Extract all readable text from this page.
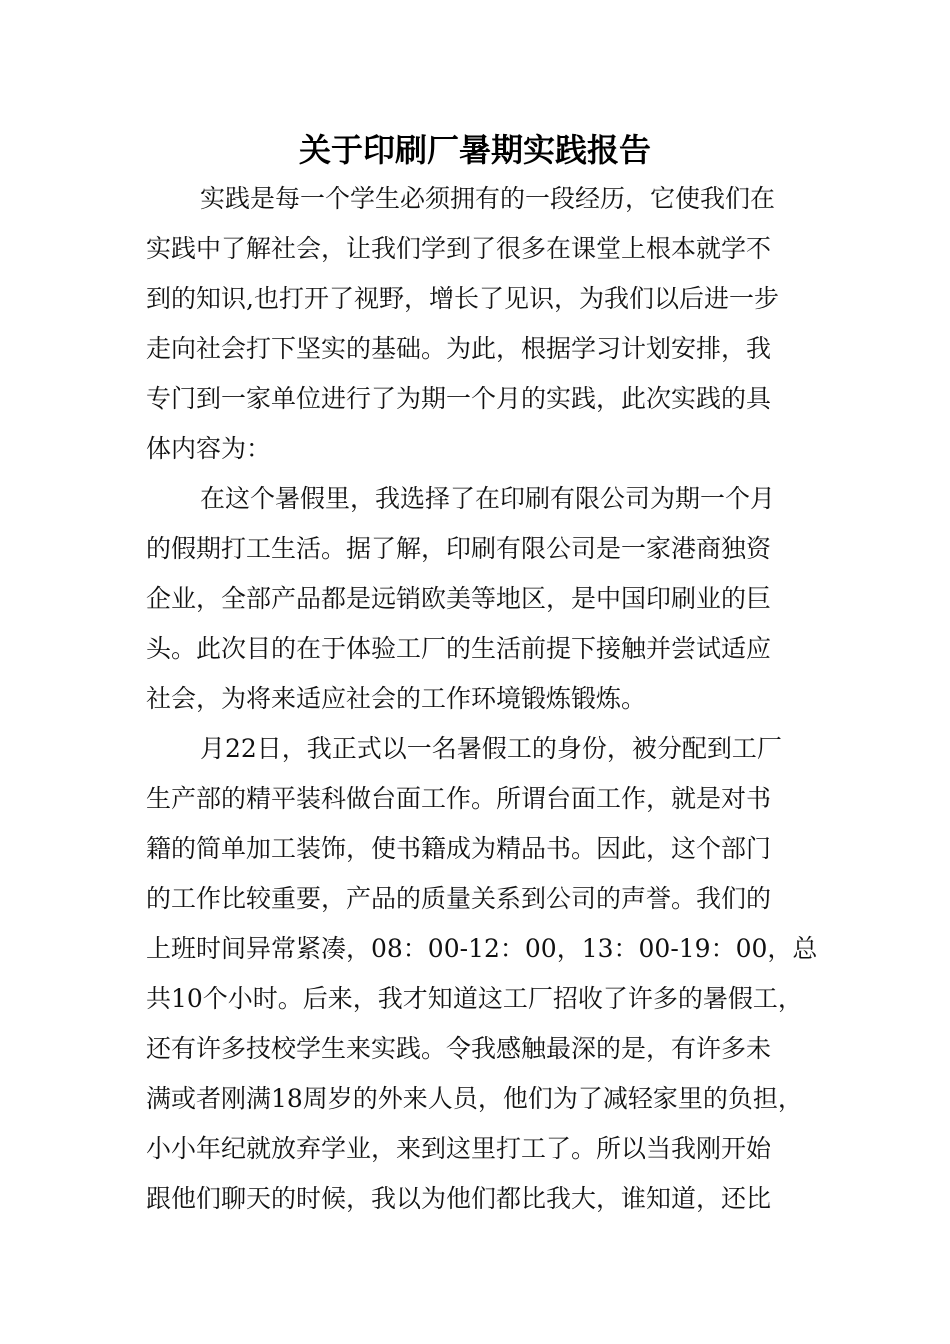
关于印刷厂暑期实践报告

实践是每一个学生必须拥有的一段经历，它使我们在

实践中了解社会，让我们学到了很多在课堂上根本就学不

到的知识,也打开了视野，增长了见识，为我们以后进一步

走向社会打下坚实的基础。为此，根据学习计划安排，我

专门到一家单位进行了为期一个月的实践，此次实践的具

体内容为：

在这个暑假里，我选择了在印刷有限公司为期一个月

的假期打工生活。据了解，印刷有限公司是一家港商独资

企业，全部产品都是远销欧美等地区，是中国印刷业的巨

头。此次目的在于体验工厂的生活前提下接触并尝试适应

社会，为将来适应社会的工作环境锻炼锻炼。

月22日，我正式以一名暑假工的身份，被分配到工厂

生产部的精平装科做台面工作。所谓台面工作，就是对书

籍的简单加工装饰，使书籍成为精品书。因此，这个部门

的工作比较重要，产品的质量关系到公司的声誉。我们的

上班时间异常紧凑，08：00-12：00，13：00-19：00，总

共10个小时。后来，我才知道这工厂招收了许多的暑假工，

还有许多技校学生来实践。令我感触最深的是，有许多未

满或者刚满18周岁的外来人员，他们为了减轻家里的负担，

小小年纪就放弃学业，来到这里打工了。所以当我刚开始

跟他们聊天的时候，我以为他们都比我大，谁知道，还比
